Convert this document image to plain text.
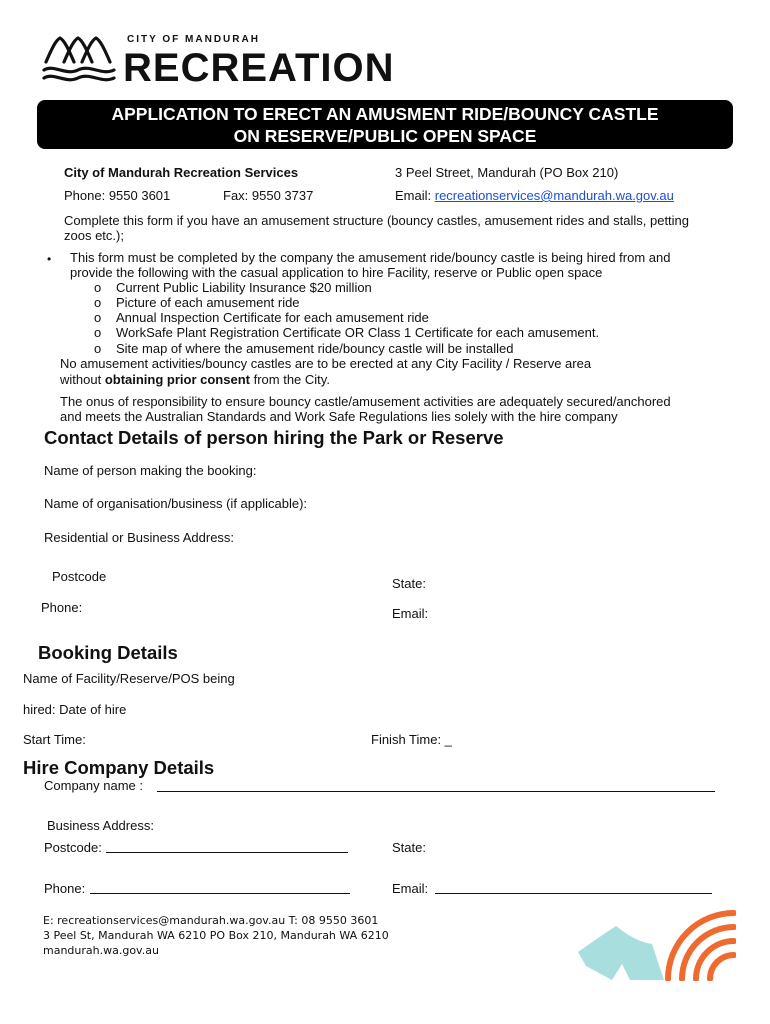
CITY OF MANDURAH
RECREATION
APPLICATION TO ERECT AN AMUSMENT RIDE/BOUNCY CASTLE
ON RESERVE/PUBLIC OPEN SPACE
City of Mandurah Recreation Services	3 Peel Street, Mandurah (PO Box 210)
Phone: 9550 3601	Fax: 9550 3737	Email: recreationservices@mandurah.wa.gov.au
Complete this form if you have an amusement structure (bouncy castles, amusement rides and stalls, petting
zoos etc.);
• This form must be completed by the company the amusement ride/bouncy castle is being hired from and
provide the following with the casual application to hire Facility, reserve or Public open space
o Current Public Liability Insurance $20 million
o Picture of each amusement ride
o Annual Inspection Certificate for each amusement ride
o WorkSafe Plant Registration Certificate OR Class 1 Certificate for each amusement.
o Site map of where the amusement ride/bouncy castle will be installed
No amusement activities/bouncy castles are to be erected at any City Facility / Reserve area
without obtaining prior consent from the City.
The onus of responsibility to ensure bouncy castle/amusement activities are adequately secured/anchored
and meets the Australian Standards and Work Safe Regulations lies solely with the hire company
Contact Details of person hiring the Park or Reserve
Name of person making the booking:
Name of organisation/business (if applicable):
Residential or Business Address:
Postcode	State:
Phone:	Email:
Booking Details
Name of Facility/Reserve/POS being
hired: Date of hire
Start Time:	Finish Time: _
Hire Company Details
Company name :
Business Address:
Postcode:	State:
Phone:	Email:
E: recreationservices@mandurah.wa.gov.au T: 08 9550 3601
3 Peel St, Mandurah WA 6210 PO Box 210, Mandurah WA 6210
mandurah.wa.gov.au
